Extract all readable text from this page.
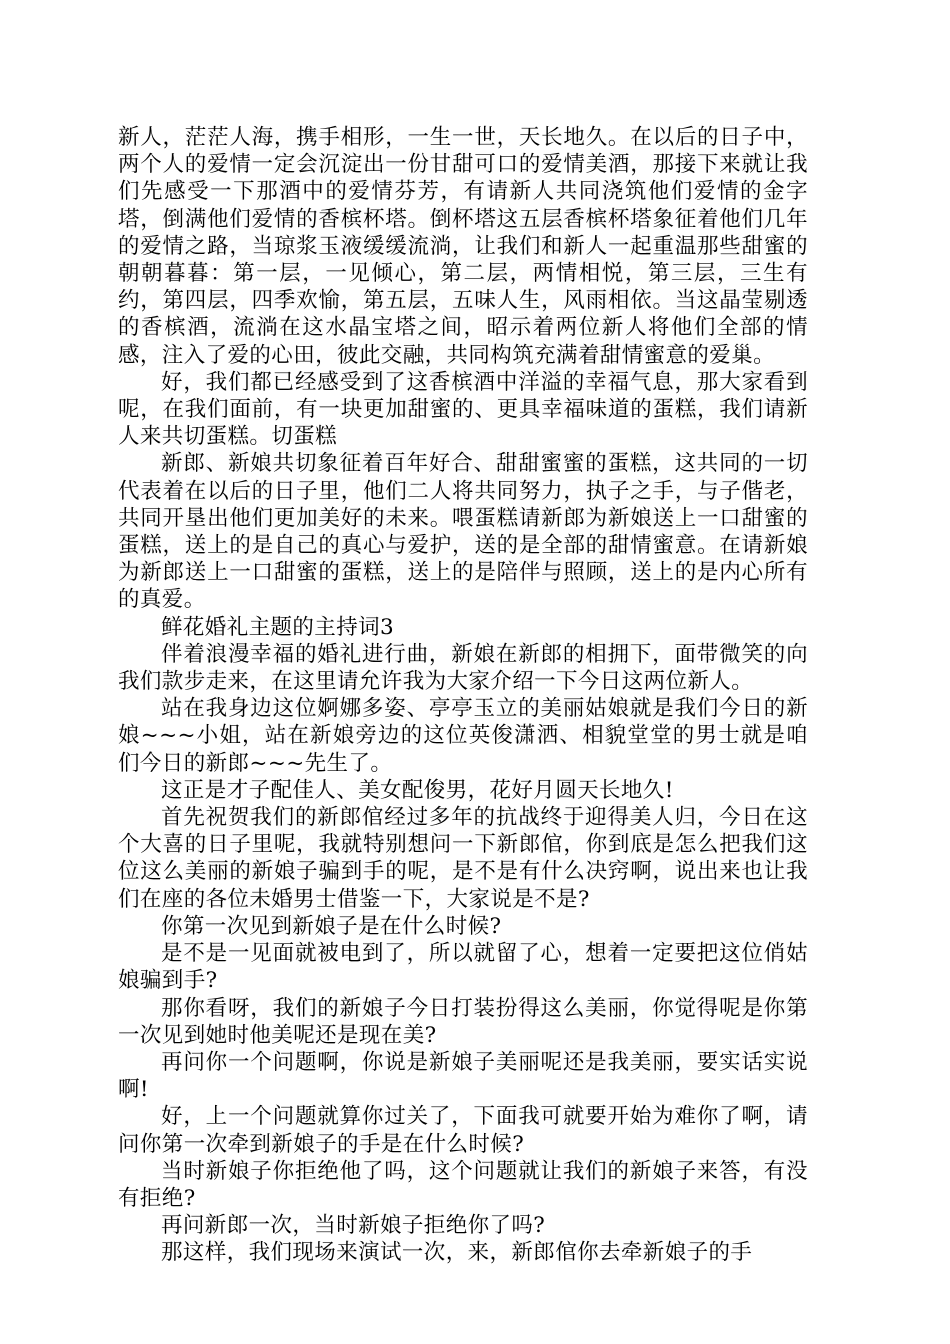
新人，茫茫人海，携手相形，一生一世，天长地久。在以后的日子中，两个人的爱情一定会沉淀出一份甘甜可口的爱情美酒，那接下来就让我们先感受一下那酒中的爱情芬芳，有请新人共同浇筑他们爱情的金字塔，倒满他们爱情的香槟杯塔。倒杯塔这五层香槟杯塔象征着他们几年的爱情之路，当琼浆玉液缓缓流淌，让我们和新人一起重温那些甜蜜的朝朝暮暮：第一层，一见倾心，第二层，两情相悦，第三层，三生有约，第四层，四季欢愉，第五层，五味人生，风雨相依。当这晶莹剔透的香槟酒，流淌在这水晶宝塔之间，昭示着两位新人将他们全部的情感，注入了爱的心田，彼此交融，共同构筑充满着甜情蜜意的爱巢。

好，我们都已经感受到了这香槟酒中洋溢的幸福气息，那大家看到呢，在我们面前，有一块更加甜蜜的、更具幸福味道的蛋糕，我们请新人来共切蛋糕。切蛋糕

新郎、新娘共切象征着百年好合、甜甜蜜蜜的蛋糕，这共同的一切代表着在以后的日子里，他们二人将共同努力，执子之手，与子偕老，共同开垦出他们更加美好的未来。喂蛋糕请新郎为新娘送上一口甜蜜的蛋糕，送上的是自己的真心与爱护，送的是全部的甜情蜜意。在请新娘为新郎送上一口甜蜜的蛋糕，送上的是陪伴与照顾，送上的是内心所有的真爱。

鲜花婚礼主题的主持词3

伴着浪漫幸福的婚礼进行曲，新娘在新郎的相拥下，面带微笑的向我们款步走来，在这里请允许我为大家介绍一下今日这两位新人。

站在我身边这位婀娜多姿、亭亭玉立的美丽姑娘就是我们今日的新娘~~~小姐，站在新娘旁边的这位英俊潇洒、相貌堂堂的男士就是咱们今日的新郎~~~先生了。

这正是才子配佳人、美女配俊男，花好月圆天长地久!

首先祝贺我们的新郎倌经过多年的抗战终于迎得美人归，今日在这个大喜的日子里呢，我就特别想问一下新郎倌，你到底是怎么把我们这位这么美丽的新娘子骗到手的呢，是不是有什么决窍啊，说出来也让我们在座的各位未婚男士借鉴一下，大家说是不是?

你第一次见到新娘子是在什么时候?

是不是一见面就被电到了，所以就留了心，想着一定要把这位俏姑娘骗到手?

那你看呀，我们的新娘子今日打装扮得这么美丽，你觉得呢是你第一次见到她时他美呢还是现在美?

再问你一个问题啊，你说是新娘子美丽呢还是我美丽，要实话实说啊!

好，上一个问题就算你过关了，下面我可就要开始为难你了啊，请问你第一次牵到新娘子的手是在什么时候?

当时新娘子你拒绝他了吗，这个问题就让我们的新娘子来答，有没有拒绝?

再问新郎一次，当时新娘子拒绝你了吗?

那这样，我们现场来演试一次，来，新郎倌你去牵新娘子的手
